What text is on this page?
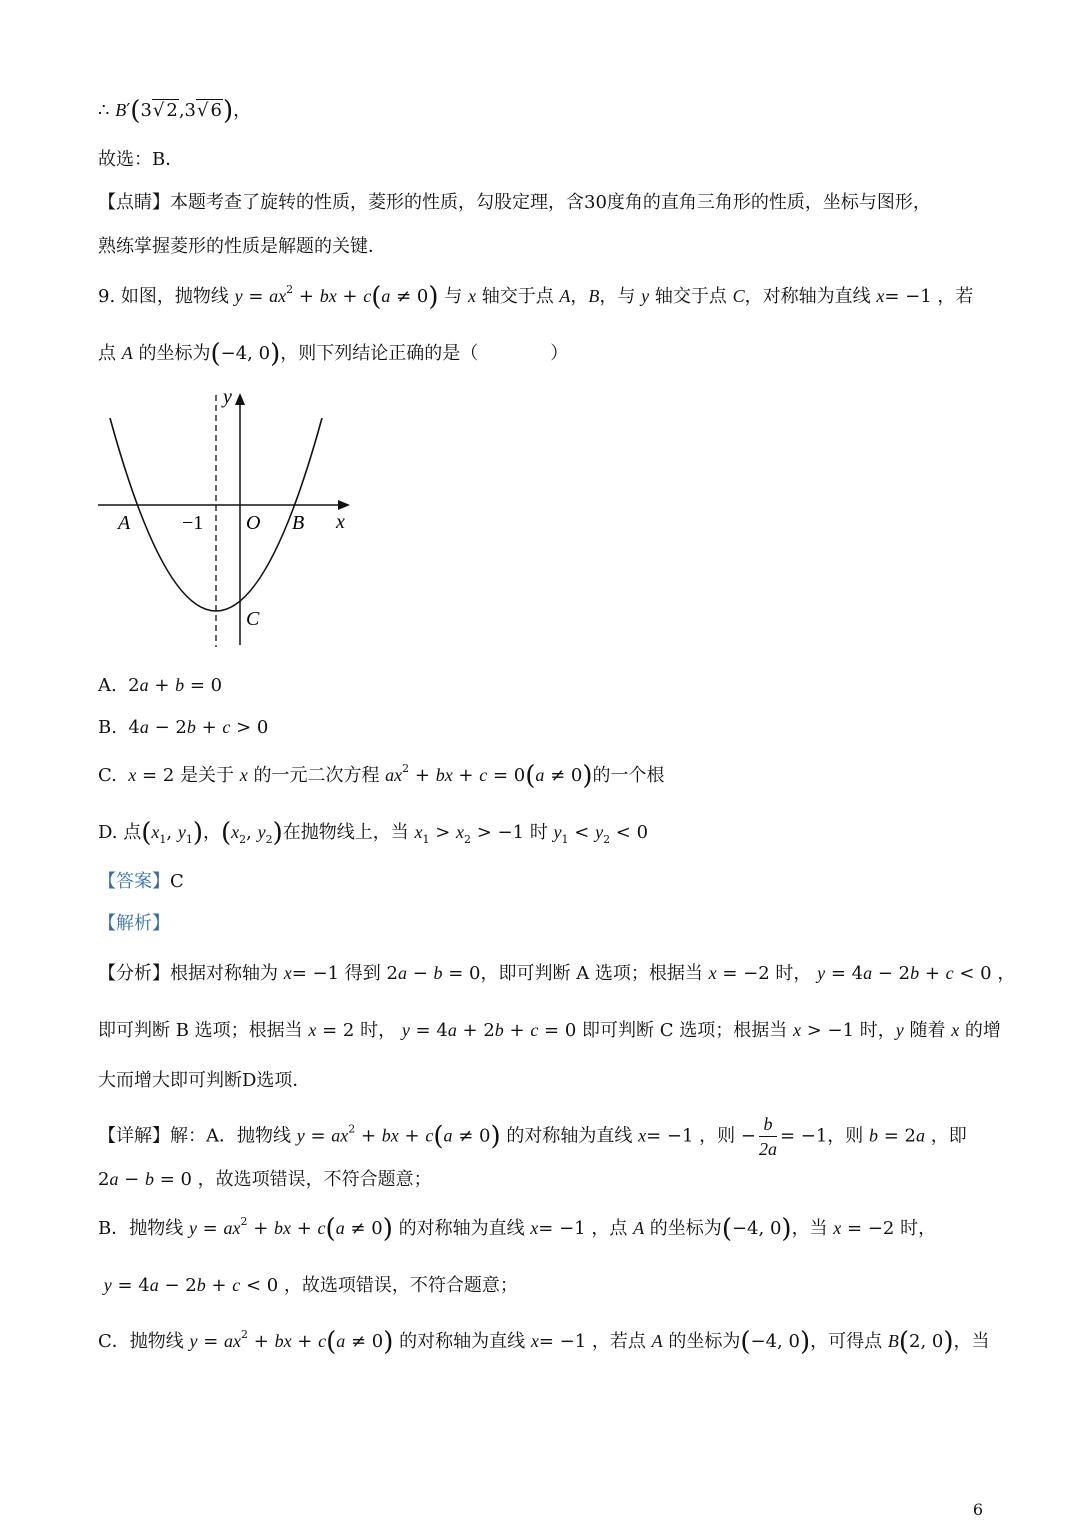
∴ B′(3√ 2,3√ 6)，
故选：B．
【点睛】本题考查了旋转的性质，菱形的性质，勾股定理，含30度角的直角三角形的性质，坐标与图形，
熟练掌握菱形的性质是解题的关键．
9. 如图，抛物线 $y = ax^2$ + bx + c(a ≠ 0) 与 x 轴交于点 A，B，与 y 轴交于点 C，对称轴为直线 x= −1 ，若
点 A 的坐标为(−4, 0)，则下列结论正确的是（　　　　）
y
x
A	−1 O B
C
A.  2a + b = 0
B.  4a − 2b + c > 0
C.  x = 2 是关于 x 的一元二次方程 $ax^2$ + bx + c = 0(a ≠ 0)的一个根
D. 点($x_1$, $y_1$)，($x_2$, $y_2$)在抛物线上，当 $x_1 > x_2 > -1$ 时 $y_1 < y_2 < 0$
【答案】C
【解析】
【分析】根据对称轴为 x= −1 得到 2a − b = 0，即可判断 A 选项；根据当 x = −2 时， y = 4a − 2b + c < 0 ，
即可判断 B 选项；根据当 x = 2 时， y = 4a + 2b + c = 0 即可判断 C 选项；根据当 x > −1 时，y 随着 x 的增
大而增大即可判断D选项．
【详解】解：A．抛物线 $y = ax^2$ + bx + c(a ≠ 0) 的对称轴为直线 x= −1 ，则 − $\frac{b}{2a} = -1$，则 b = 2a ，即
2a − b = 0 ，故选项错误，不符合题意；
B．抛物线 $y = ax^2$ + bx + c(a ≠ 0) 的对称轴为直线 x= −1 ，点 A 的坐标为(−4, 0)，当 x = −2 时，
y = 4a − 2b + c < 0 ，故选项错误，不符合题意；
C．抛物线 $y = ax^2$ + bx + c(a ≠ 0) 的对称轴为直线 x= −1 ，若点 A 的坐标为(−4, 0)，可得点 B(2, 0)，当
6
